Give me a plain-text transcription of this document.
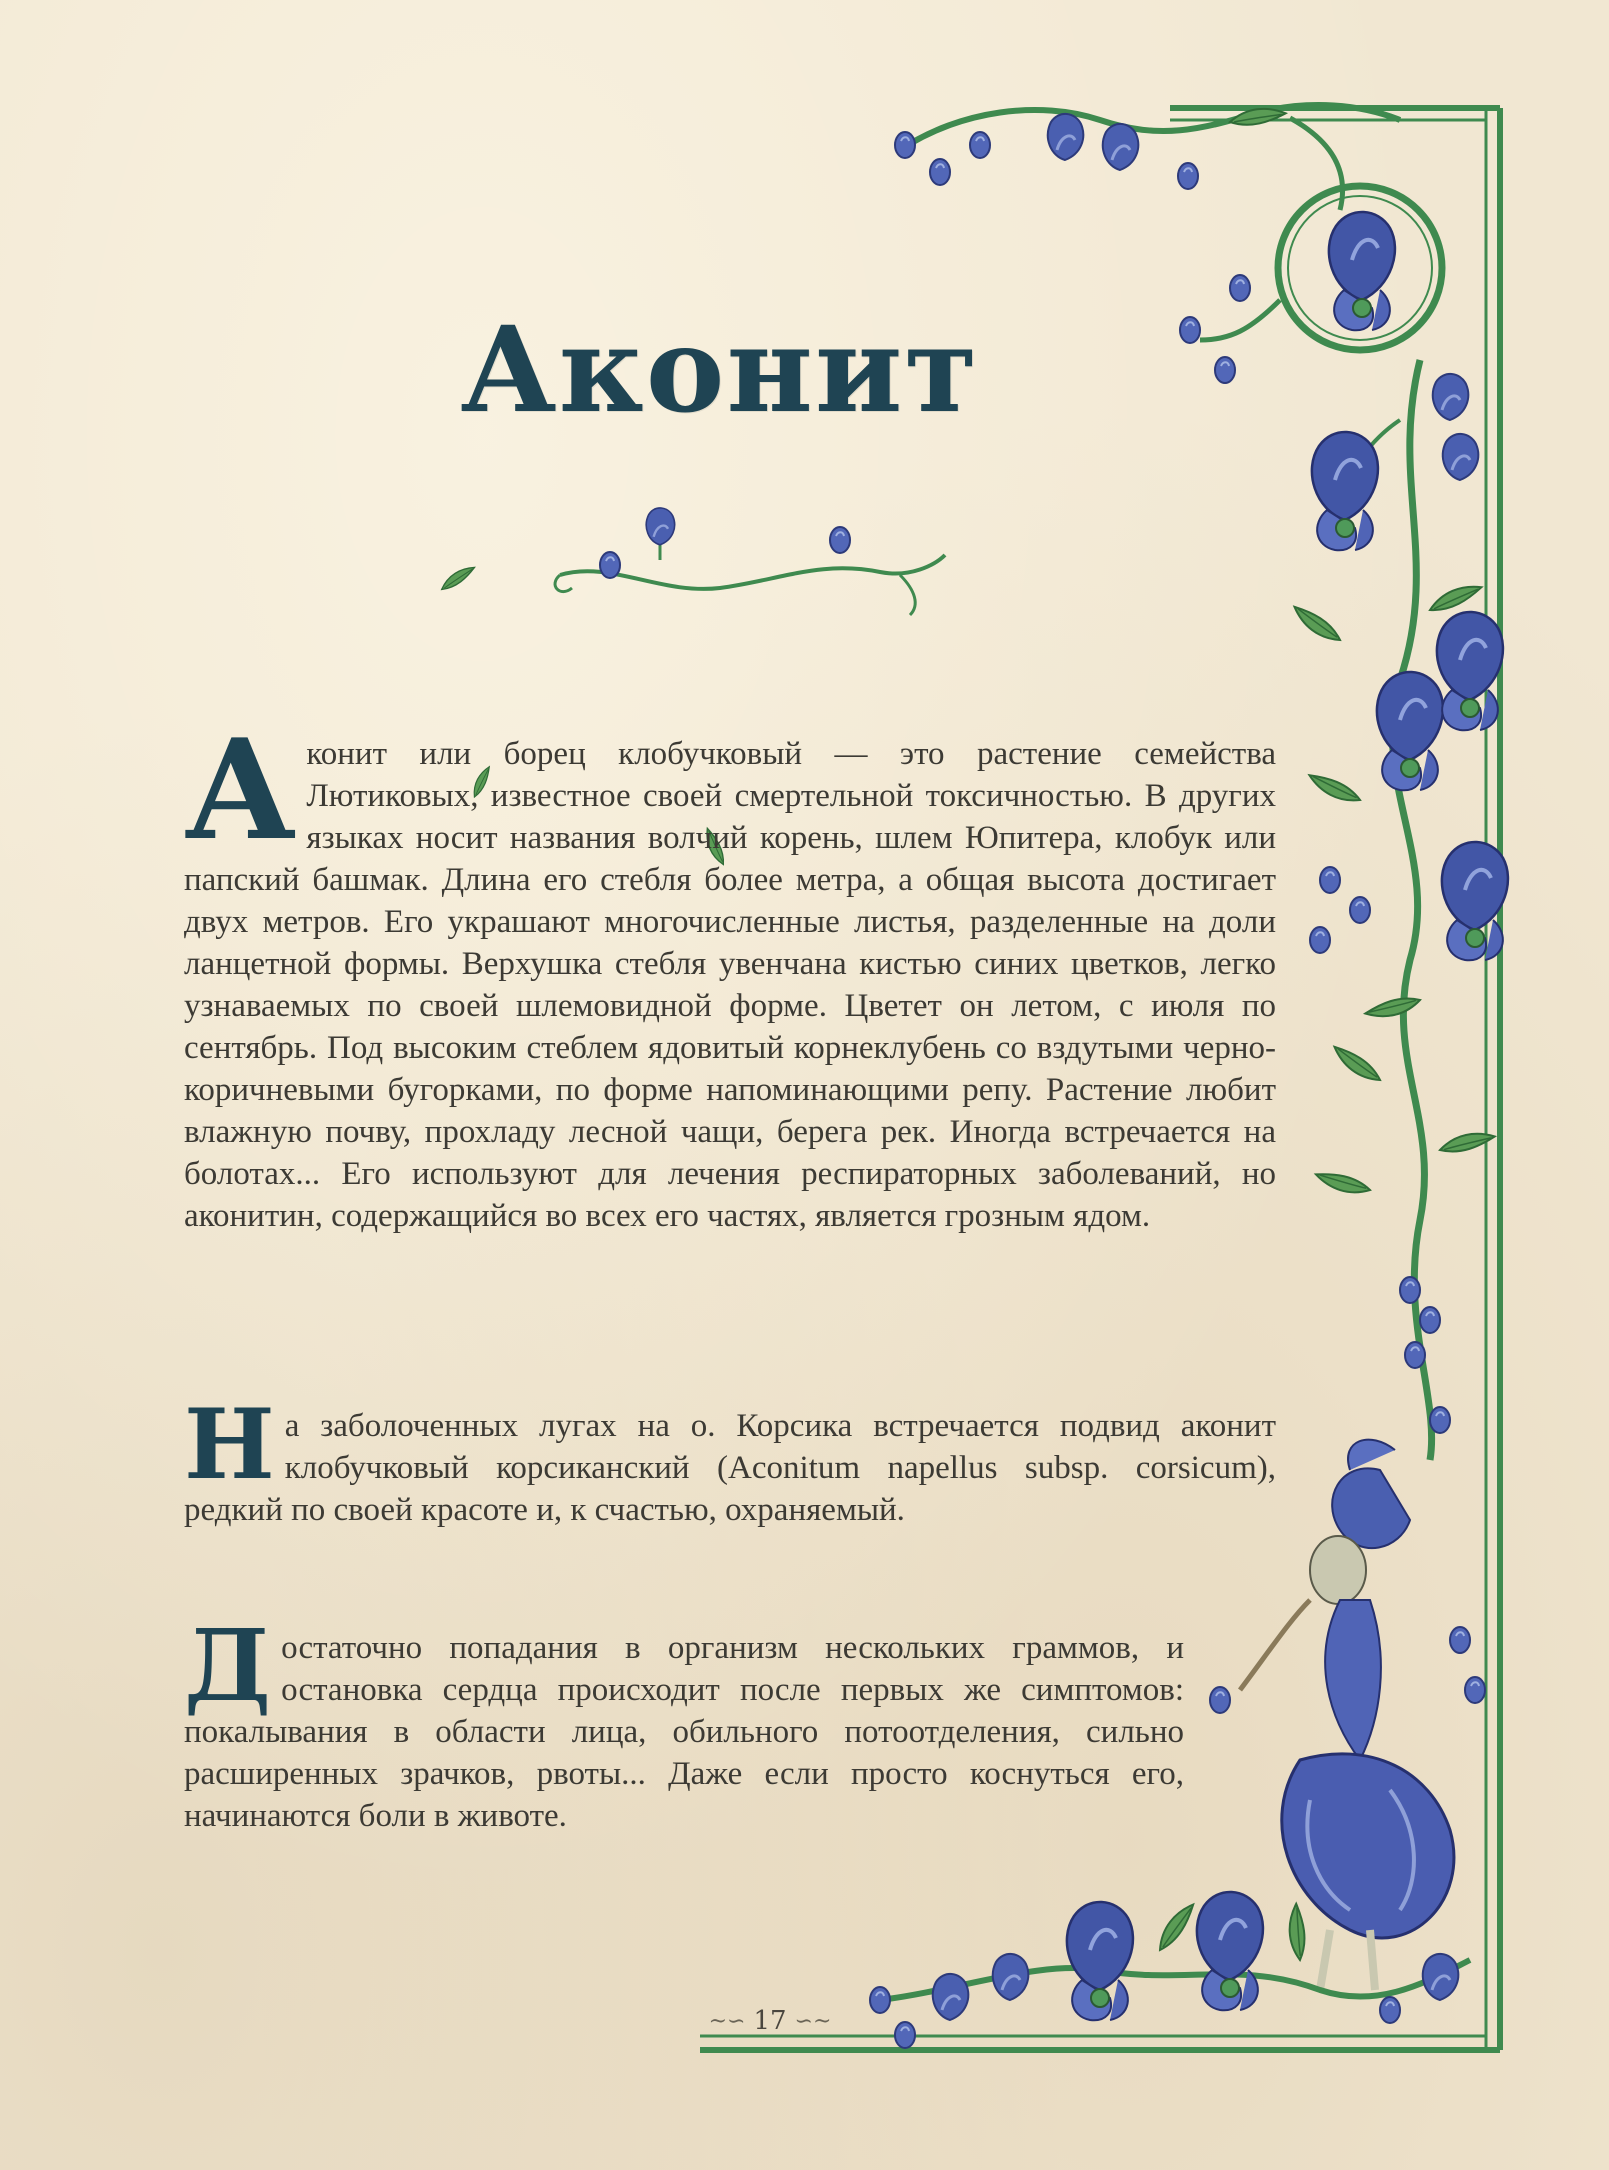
Аконит

Аконит или борец клобучковый — это растение семейства Лютиковых, известное своей смертельной токсичностью. В других языках носит названия волчий корень, шлем Юпитера, клобук или папский башмак. Длина его стебля более метра, а общая высота достигает двух метров. Его украшают многочисленные листья, разделенные на доли ланцетной формы. Верхушка стебля увенчана кистью синих цветков, легко узнаваемых по своей шлемовидной форме. Цветет он летом, с июля по сентябрь. Под высоким стеблем ядовитый корнеклубень со вздутыми черно-коричневыми бугорками, по форме напоминающими репу. Растение любит влажную почву, прохладу лесной чащи, берега рек. Иногда встречается на болотах... Его используют для лечения респираторных заболеваний, но аконитин, содержащийся во всех его частях, является грозным ядом.

На заболоченных лугах на о. Корсика встречается подвид аконит клобучковый корсиканский (Aconitum napellus subsp. corsicum), редкий по своей красоте и, к счастью, охраняемый.

Достаточно попадания в организм нескольких граммов, и остановка сердца происходит после первых же симптомов: покалывания в области лица, обильного потоотделения, сильно расширенных зрачков, рвоты... Даже если просто коснуться его, начинаются боли в животе.

~∽ 17 ∽~
